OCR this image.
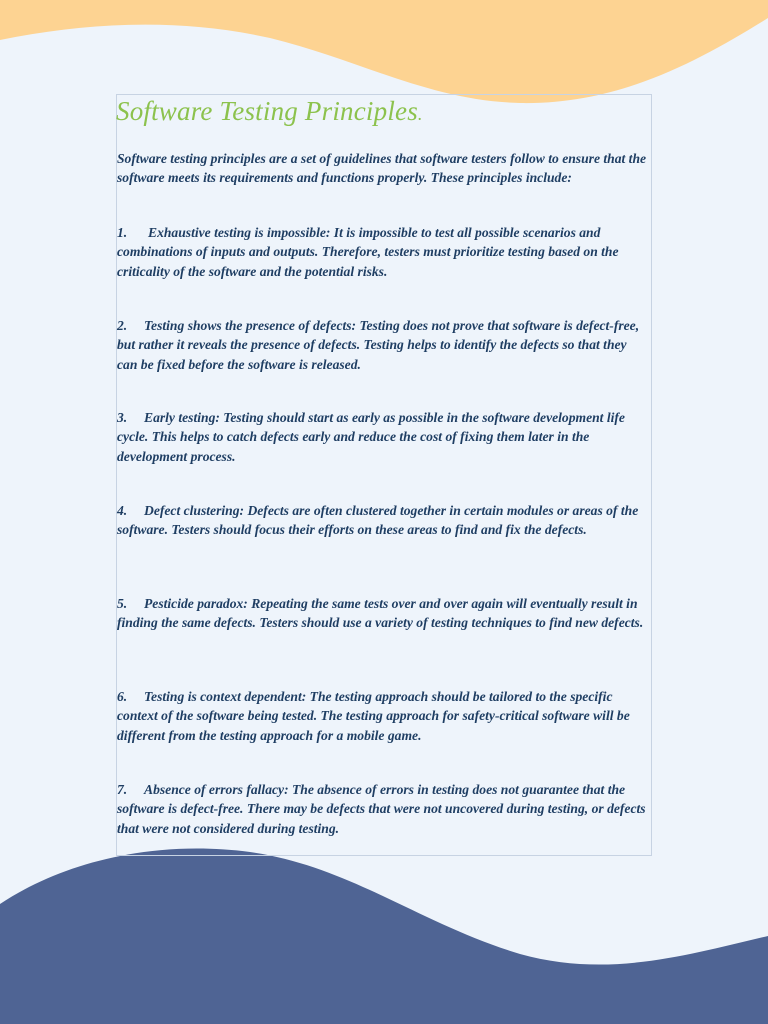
Software Testing Principles.

Software testing principles are a set of guidelines that software testers follow to ensure that the software meets its requirements and functions properly. These principles include:

1. Exhaustive testing is impossible: It is impossible to test all possible scenarios and combinations of inputs and outputs. Therefore, testers must prioritize testing based on the criticality of the software and the potential risks.

2. Testing shows the presence of defects: Testing does not prove that software is defect-free, but rather it reveals the presence of defects. Testing helps to identify the defects so that they can be fixed before the software is released.

3. Early testing: Testing should start as early as possible in the software development life cycle. This helps to catch defects early and reduce the cost of fixing them later in the development process.

4. Defect clustering: Defects are often clustered together in certain modules or areas of the software. Testers should focus their efforts on these areas to find and fix the defects.

5. Pesticide paradox: Repeating the same tests over and over again will eventually result in finding the same defects. Testers should use a variety of testing techniques to find new defects.

6. Testing is context dependent: The testing approach should be tailored to the specific context of the software being tested. The testing approach for safety-critical software will be different from the testing approach for a mobile game.

7. Absence of errors fallacy: The absence of errors in testing does not guarantee that the software is defect-free. There may be defects that were not uncovered during testing, or defects that were not considered during testing.
